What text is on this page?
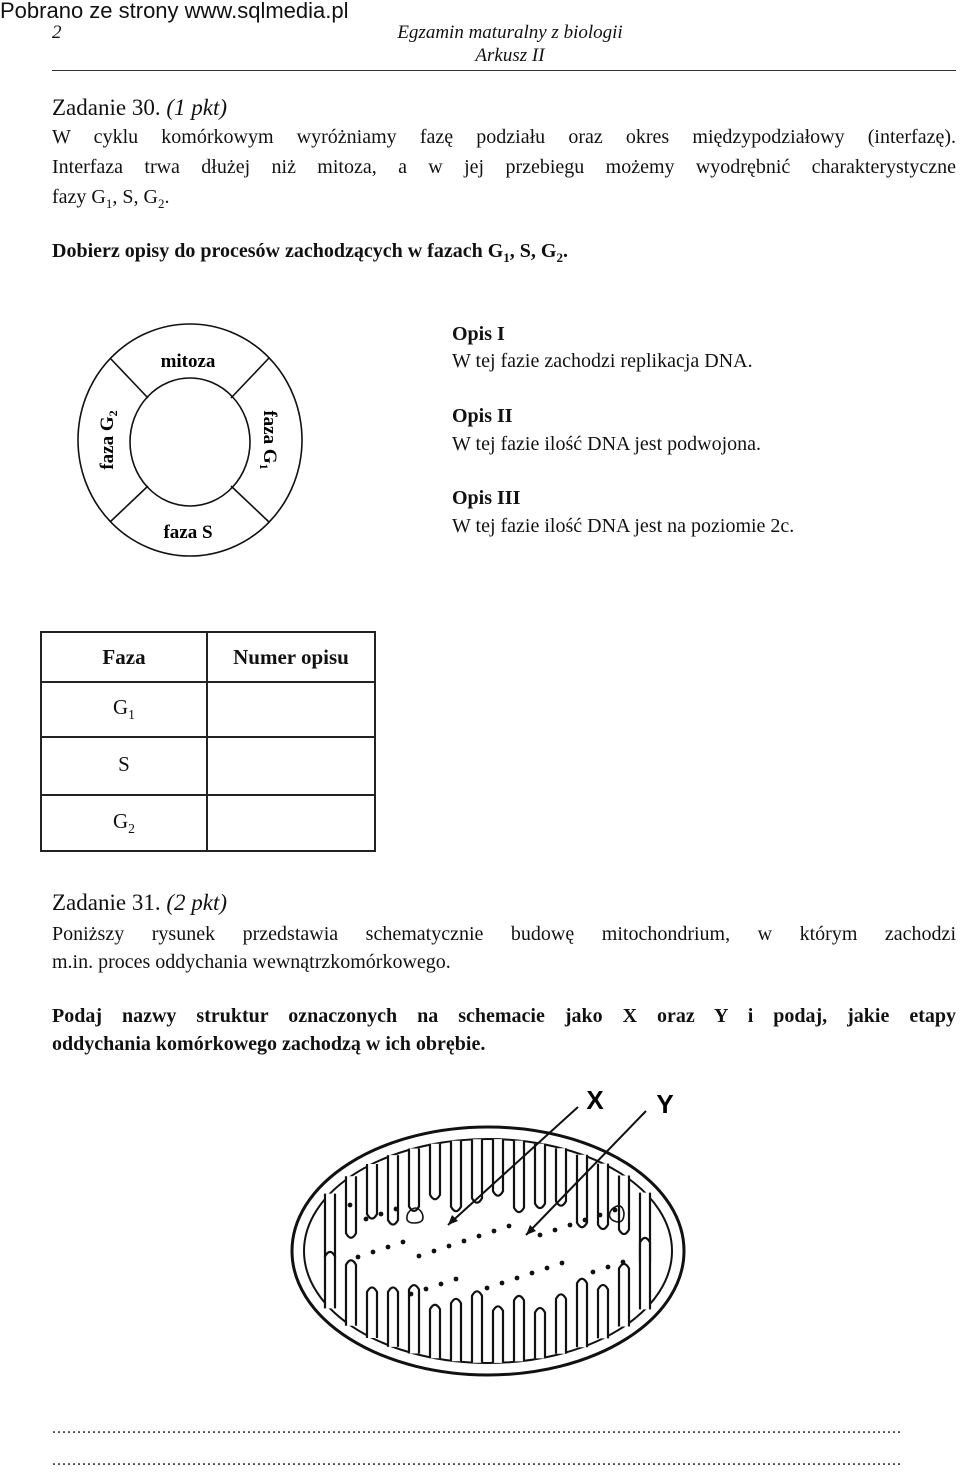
Pobrano ze strony www.sqlmedia.pl
2	Egzamin maturalny z biologii
Arkusz II
Zadanie 30. (1 pkt)
W cyklu komórkowym wyróżniamy fazę podziału oraz okres międzypodziałowy (interfazę).
Interfaza trwa dłużej niż mitoza, a w jej przebiegu możemy wyodrębnić charakterystyczne
fazy $G_1$, S, $G_2$.
Dobierz opisy do procesów zachodzących w fazach $G_1$, S, $G_2$.
mitoza
faza S
faza $G_2$	faza $G_1$
Opis I
W tej fazie zachodzi replikacja DNA.
Opis II
W tej fazie ilość DNA jest podwojona.
Opis III
W tej fazie ilość DNA jest na poziomie 2c.
Faza	Numer opisu
$G_1$	
S	
$G_2$	
Zadanie 31. (2 pkt)
Poniższy rysunek przedstawia schematycznie budowę mitochondrium, w którym zachodzi
m.in. proces oddychania wewnątrzkomórkowego.
Podaj nazwy struktur oznaczonych na schemacie jako X oraz Y i podaj, jakie etapy
oddychania komórkowego zachodzą w ich obrębie.
X Y
..........................................................................................................................................................................
..........................................................................................................................................................................
